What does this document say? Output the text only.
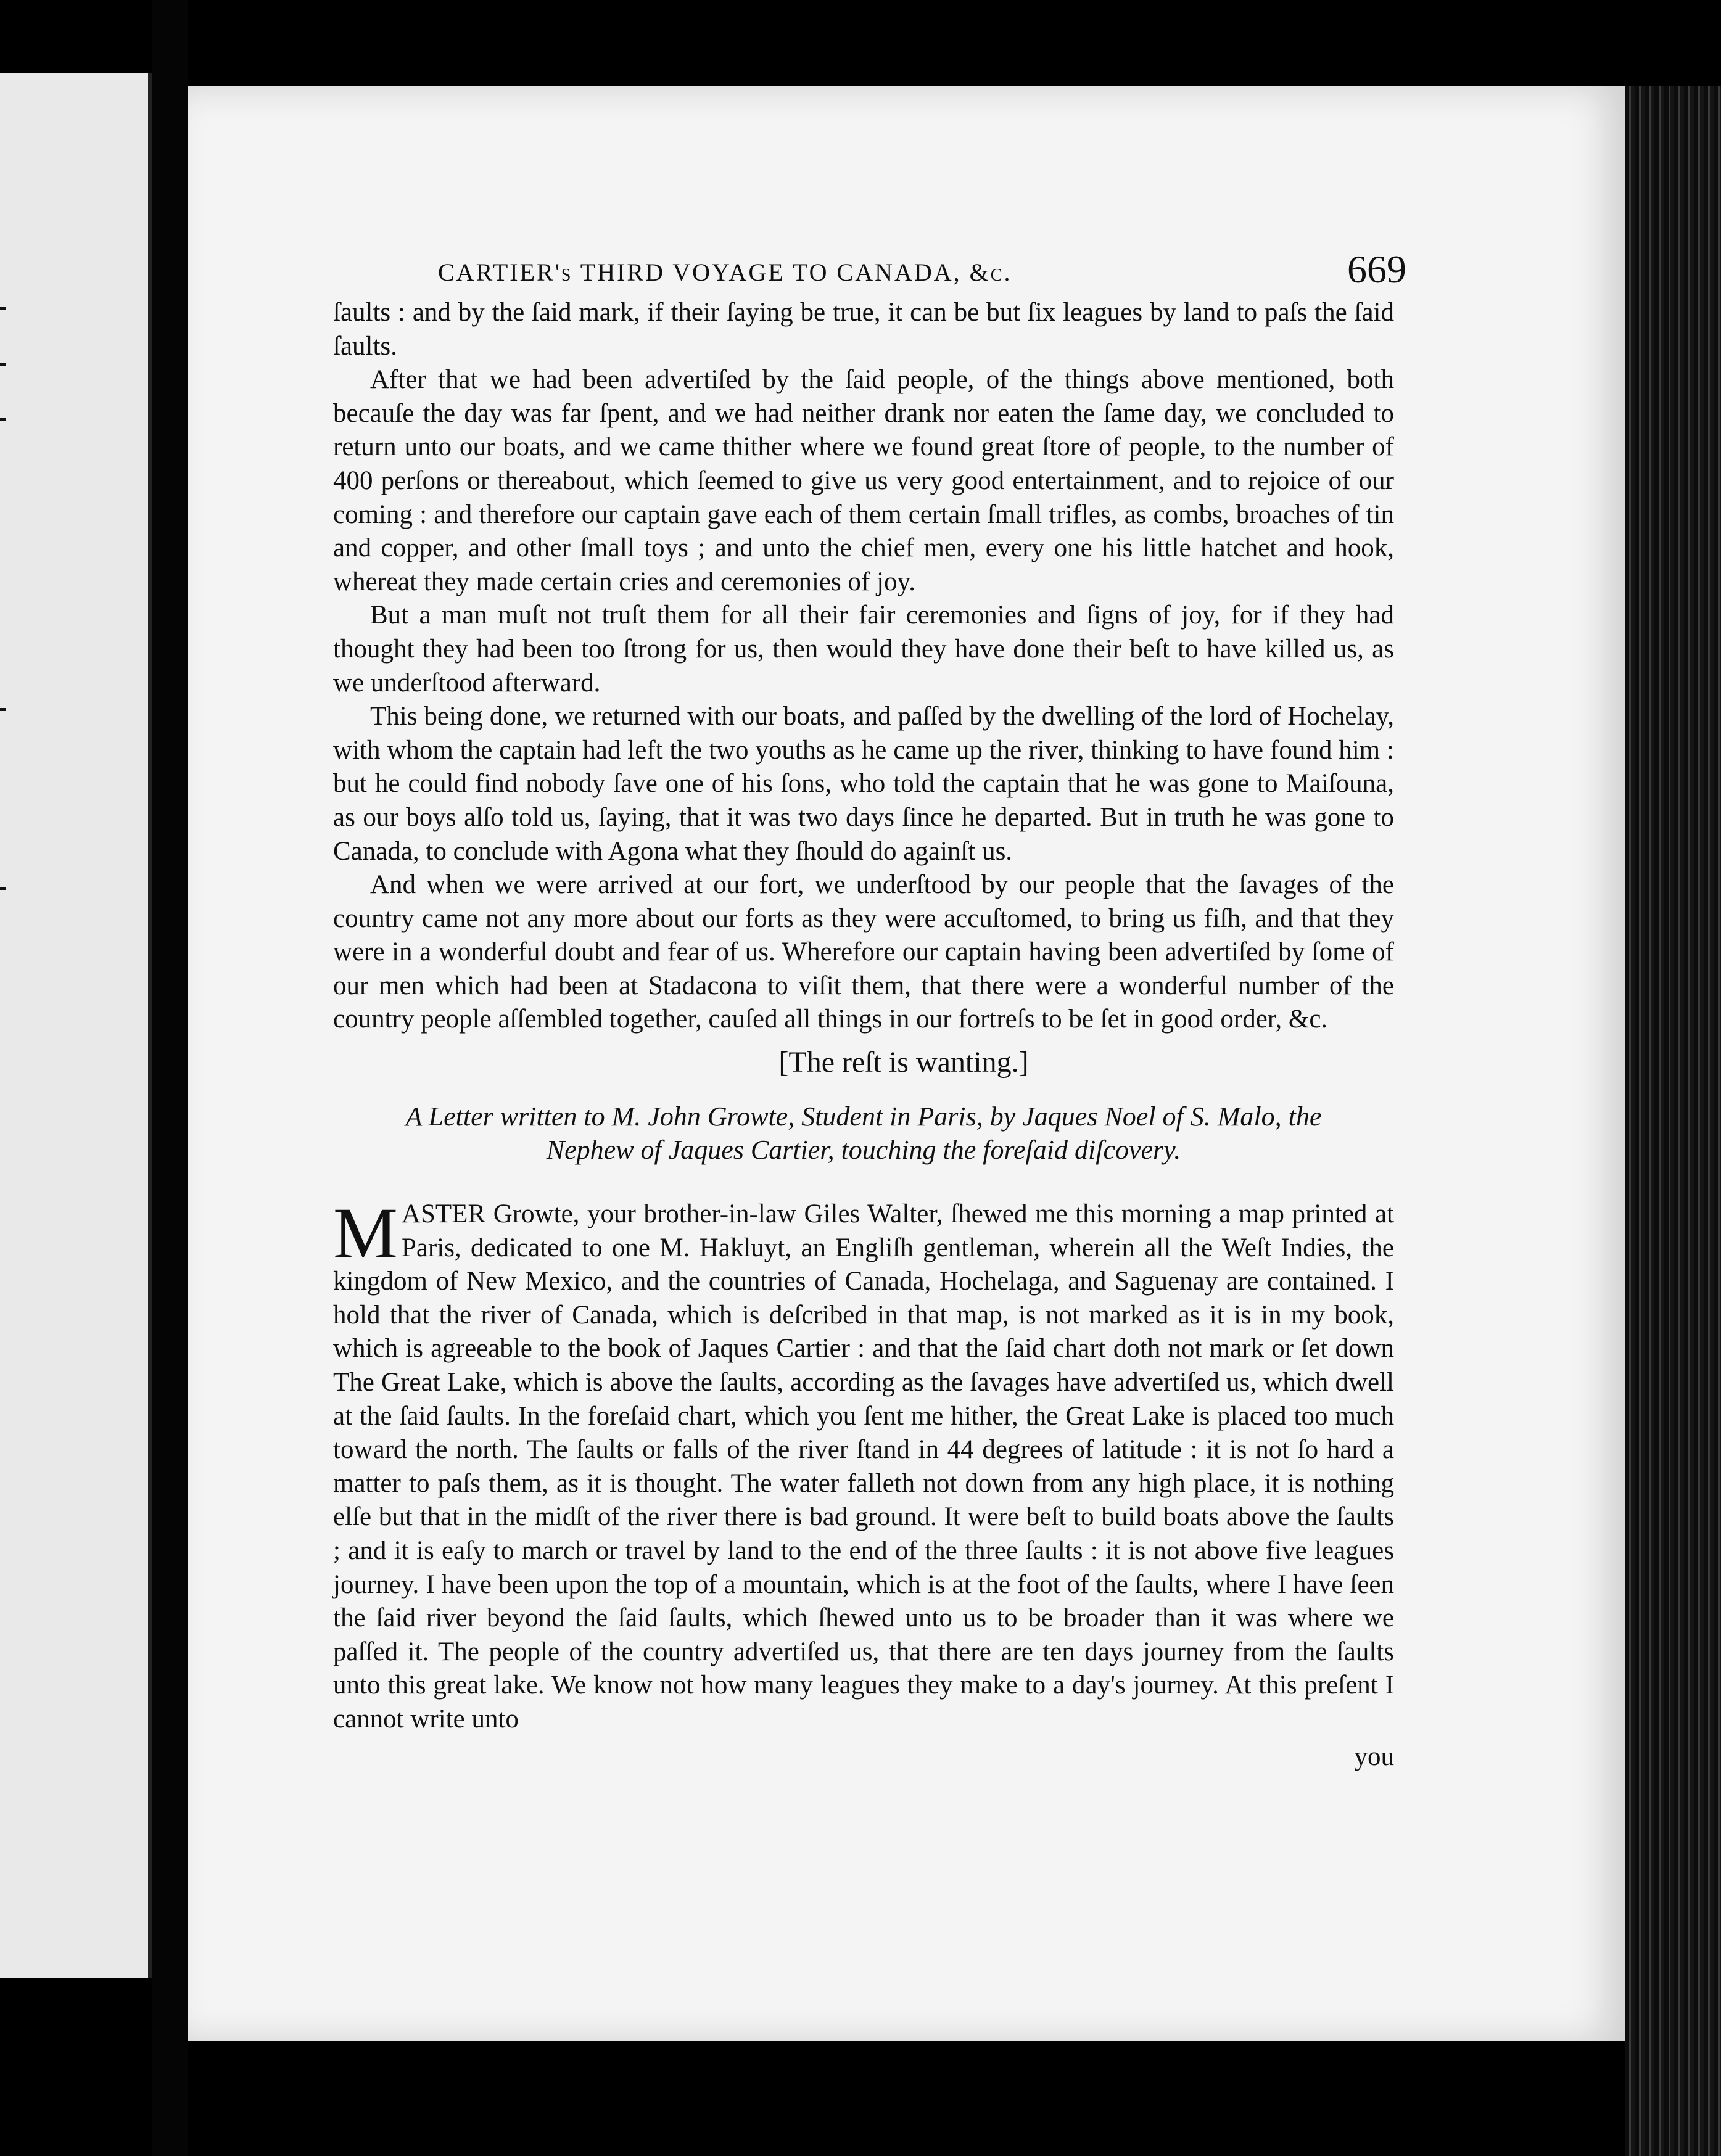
CARTIER's THIRD VOYAGE TO CANADA, &c.	669

ſaults : and by the ſaid mark, if their ſaying be true, it can be but ſix leagues by land to paſs the ſaid ſaults.

After that we had been advertiſed by the ſaid people, of the things above mentioned, both becauſe the day was far ſpent, and we had neither drank nor eaten the ſame day, we concluded to return unto our boats, and we came thither where we found great ſtore of people, to the number of 400 perſons or thereabout, which ſeemed to give us very good entertainment, and to rejoice of our coming : and therefore our captain gave each of them certain ſmall trifles, as combs, broaches of tin and copper, and other ſmall toys ; and unto the chief men, every one his little hatchet and hook, whereat they made certain cries and ceremonies of joy.

But a man muſt not truſt them for all their fair ceremonies and ſigns of joy, for if they had thought they had been too ſtrong for us, then would they have done their beſt to have killed us, as we underſtood afterward.

This being done, we returned with our boats, and paſſed by the dwelling of the lord of Hochelay, with whom the captain had left the two youths as he came up the river, thinking to have found him : but he could find nobody ſave one of his ſons, who told the captain that he was gone to Maiſouna, as our boys alſo told us, ſaying, that it was two days ſince he departed. But in truth he was gone to Canada, to conclude with Agona what they ſhould do againſt us.

And when we were arrived at our fort, we underſtood by our people that the ſavages of the country came not any more about our forts as they were accuſtomed, to bring us fiſh, and that they were in a wonderful doubt and fear of us. Wherefore our captain having been advertiſed by ſome of our men which had been at Stadacona to viſit them, that there were a wonderful number of the country people aſſembled together, cauſed all things in our fortreſs to be ſet in good order, &c.

[The reſt is wanting.]
A Letter written to M. John Growte, Student in Paris, by Jaques Noel of S. Malo, the
Nephew of Jaques Cartier, touching the foreſaid diſcovery.

MASTER Growte, your brother-in-law Giles Walter, ſhewed me this morning a map printed at Paris, dedicated to one M. Hakluyt, an Engliſh gentleman, wherein all the Weſt Indies, the kingdom of New Mexico, and the countries of Canada, Hochelaga, and Saguenay are contained. I hold that the river of Canada, which is deſcribed in that map, is not marked as it is in my book, which is agreeable to the book of Jaques Cartier : and that the ſaid chart doth not mark or ſet down The Great Lake, which is above the ſaults, according as the ſavages have advertiſed us, which dwell at the ſaid ſaults. In the foreſaid chart, which you ſent me hither, the Great Lake is placed too much toward the north. The ſaults or falls of the river ſtand in 44 degrees of latitude : it is not ſo hard a matter to paſs them, as it is thought. The water falleth not down from any high place, it is nothing elſe but that in the midſt of the river there is bad ground. It were beſt to build boats above the ſaults ; and it is eaſy to march or travel by land to the end of the three ſaults : it is not above five leagues journey. I have been upon the top of a mountain, which is at the foot of the ſaults, where I have ſeen the ſaid river beyond the ſaid ſaults, which ſhewed unto us to be broader than it was where we paſſed it. The people of the country advertiſed us, that there are ten days journey from the ſaults unto this great lake. We know not how many leagues they make to a day's journey. At this preſent I cannot write unto

you
